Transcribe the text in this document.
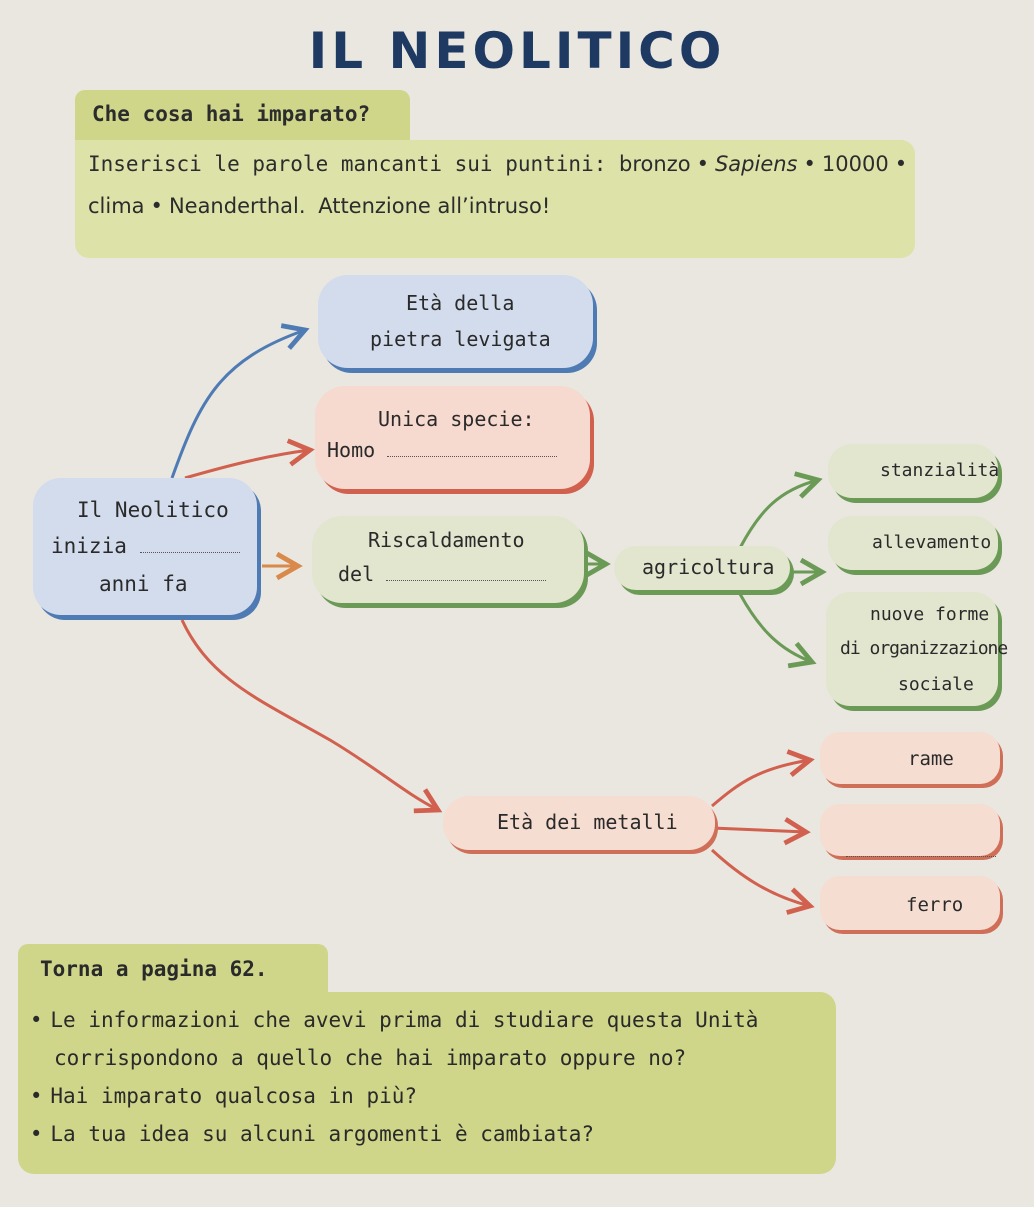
IL NEOLITICO
Che cosa hai imparato?
Inserisci le parole mancanti sui puntini: bronzo • Sapiens • 10000 •
clima • Neanderthal. Attenzione all’intruso!
Età della
pietra levigata
Unica specie:
Homo
Il Neolitico
inizia
anni fa
Riscaldamento
del	agricoltura
stanzialità
allevamento
nuove forme
di organizzazione
sociale
Età dei metalli
rame
ferro
Torna a pagina 62.
• Le informazioni che avevi prima di studiare questa Unità
corrispondono a quello che hai imparato oppure no?
• Hai imparato qualcosa in più?
• La tua idea su alcuni argomenti è cambiata?
